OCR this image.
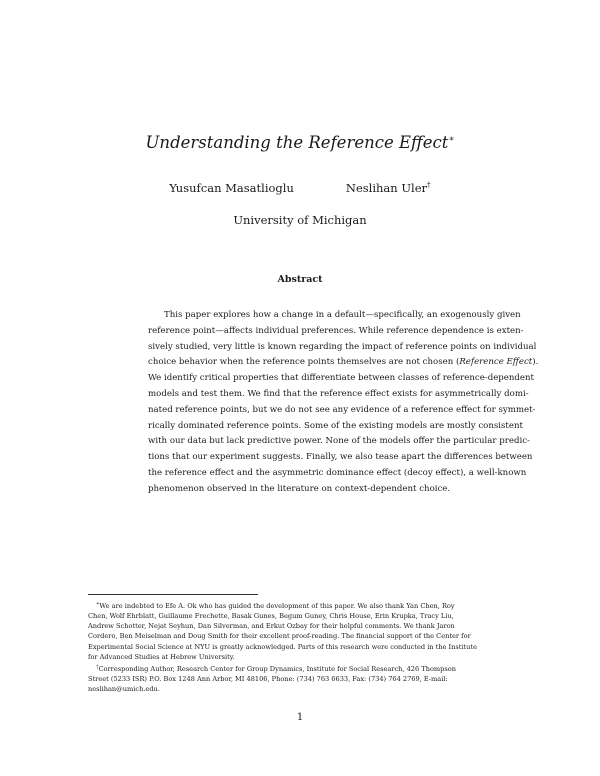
Understanding the Reference Effect∗
Yusufcan Masatlioglu	Neslihan Uler†
University of Michigan
Abstract
This paper explores how a change in a default—specifically, an exogenously given
reference point—affects individual preferences. While reference dependence is exten-
sively studied, very little is known regarding the impact of reference points on individual
choice behavior when the reference points themselves are not chosen (Reference Effect).
We identify critical properties that differentiate between classes of reference-dependent
models and test them. We find that the reference effect exists for asymmetrically domi-
nated reference points, but we do not see any evidence of a reference effect for symmet-
rically dominated reference points. Some of the existing models are mostly consistent
with our data but lack predictive power. None of the models offer the particular predic-
tions that our experiment suggests. Finally, we also tease apart the differences between
the reference effect and the asymmetric dominance effect (decoy effect), a well-known
phenomenon observed in the literature on context-dependent choice.
∗We are indebted to Efe A. Ok who has guided the development of this paper. We also thank Yan Chen, Roy
Chen, Wolf Ehrblatt, Guillaume Frechette, Basak Gunes, Begum Guney, Chris House, Erin Krupka, Tracy Liu,
Andrew Schotter, Nejat Seyhun, Dan Silverman, and Erkut Ozbay for their helpful comments. We thank Jaron
Cordero, Ben Meiselman and Doug Smith for their excellent proof-reading. The financial support of the Center for
Experimental Social Science at NYU is greatly acknowledged. Parts of this research were conducted in the Institute
for Advanced Studies at Hebrew University.
†Corresponding Author, Research Center for Group Dynamics, Institute for Social Research, 426 Thompson
Street (5233 ISR) P.O. Box 1248 Ann Arbor, MI 48106, Phone: (734) 763 6633, Fax: (734) 764 2769, E-mail:
neslihan@umich.edu.
1
